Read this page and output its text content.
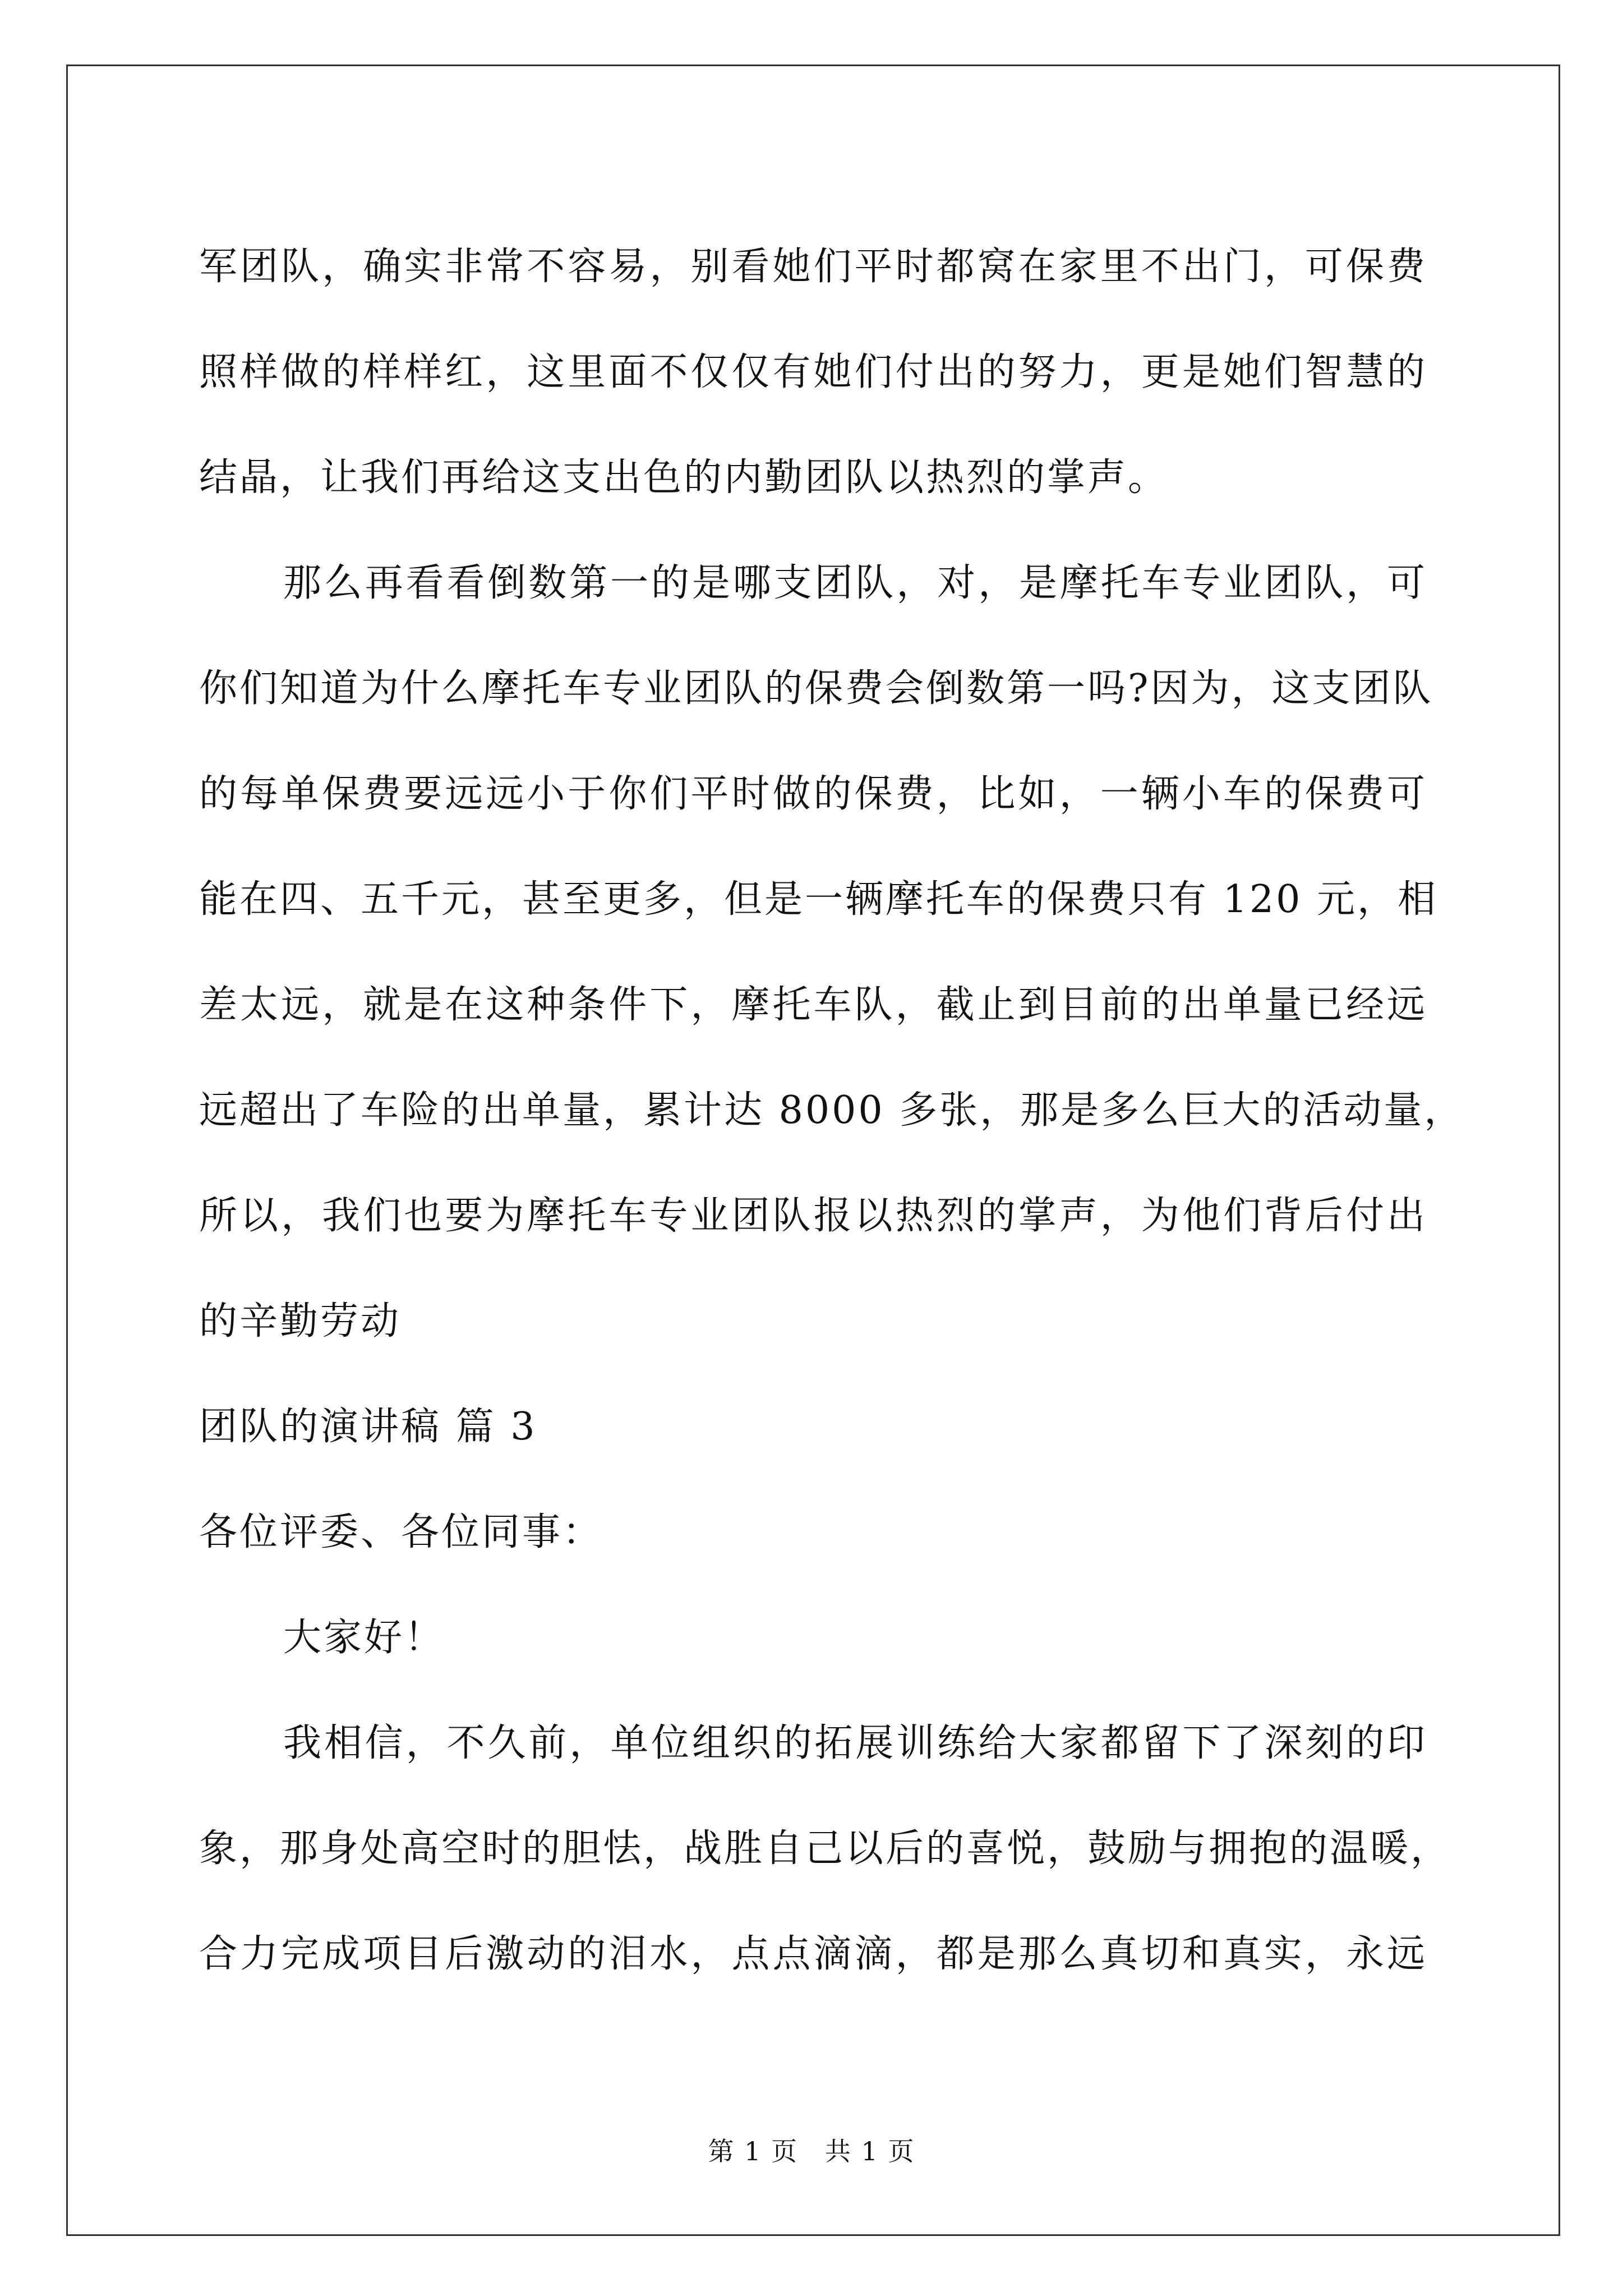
军团队，确实非常不容易，别看她们平时都窝在家里不出门，可保费
照样做的样样红，这里面不仅仅有她们付出的努力，更是她们智慧的
结晶，让我们再给这支出色的内勤团队以热烈的掌声。
那么再看看倒数第一的是哪支团队，对，是摩托车专业团队，可
你们知道为什么摩托车专业团队的保费会倒数第一吗?因为，这支团队
的每单保费要远远小于你们平时做的保费，比如，一辆小车的保费可
能在四、五千元，甚至更多，但是一辆摩托车的保费只有 120 元，相
差太远，就是在这种条件下，摩托车队，截止到目前的出单量已经远
远超出了车险的出单量，累计达 8000 多张，那是多么巨大的活动量，
所以，我们也要为摩托车专业团队报以热烈的掌声，为他们背后付出
的辛勤劳动
团队的演讲稿 篇 3
各位评委、各位同事：
大家好！
我相信，不久前，单位组织的拓展训练给大家都留下了深刻的印
象，那身处高空时的胆怯，战胜自己以后的喜悦，鼓励与拥抱的温暖，
合力完成项目后激动的泪水，点点滴滴，都是那么真切和真实，永远
第 1 页　共 1 页
